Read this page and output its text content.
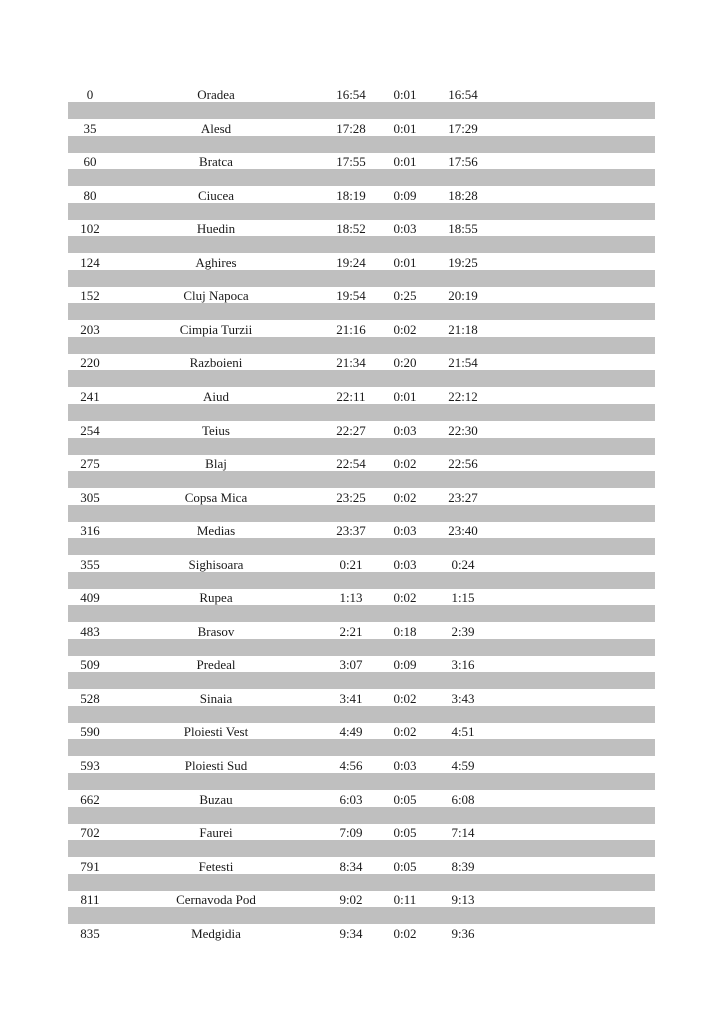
0	Oradea	16:54	0:01	16:54
35	Alesd	17:28	0:01	17:29
60	Bratca	17:55	0:01	17:56
80	Ciucea	18:19	0:09	18:28
102	Huedin	18:52	0:03	18:55
124	Aghires	19:24	0:01	19:25
152	Cluj Napoca	19:54	0:25	20:19
203	Cimpia Turzii	21:16	0:02	21:18
220	Razboieni	21:34	0:20	21:54
241	Aiud	22:11	0:01	22:12
254	Teius	22:27	0:03	22:30
275	Blaj	22:54	0:02	22:56
305	Copsa Mica	23:25	0:02	23:27
316	Medias	23:37	0:03	23:40
355	Sighisoara	0:21	0:03	0:24
409	Rupea	1:13	0:02	1:15
483	Brasov	2:21	0:18	2:39
509	Predeal	3:07	0:09	3:16
528	Sinaia	3:41	0:02	3:43
590	Ploiesti Vest	4:49	0:02	4:51
593	Ploiesti Sud	4:56	0:03	4:59
662	Buzau	6:03	0:05	6:08
702	Faurei	7:09	0:05	7:14
791	Fetesti	8:34	0:05	8:39
811	Cernavoda Pod	9:02	0:11	9:13
835	Medgidia	9:34	0:02	9:36
